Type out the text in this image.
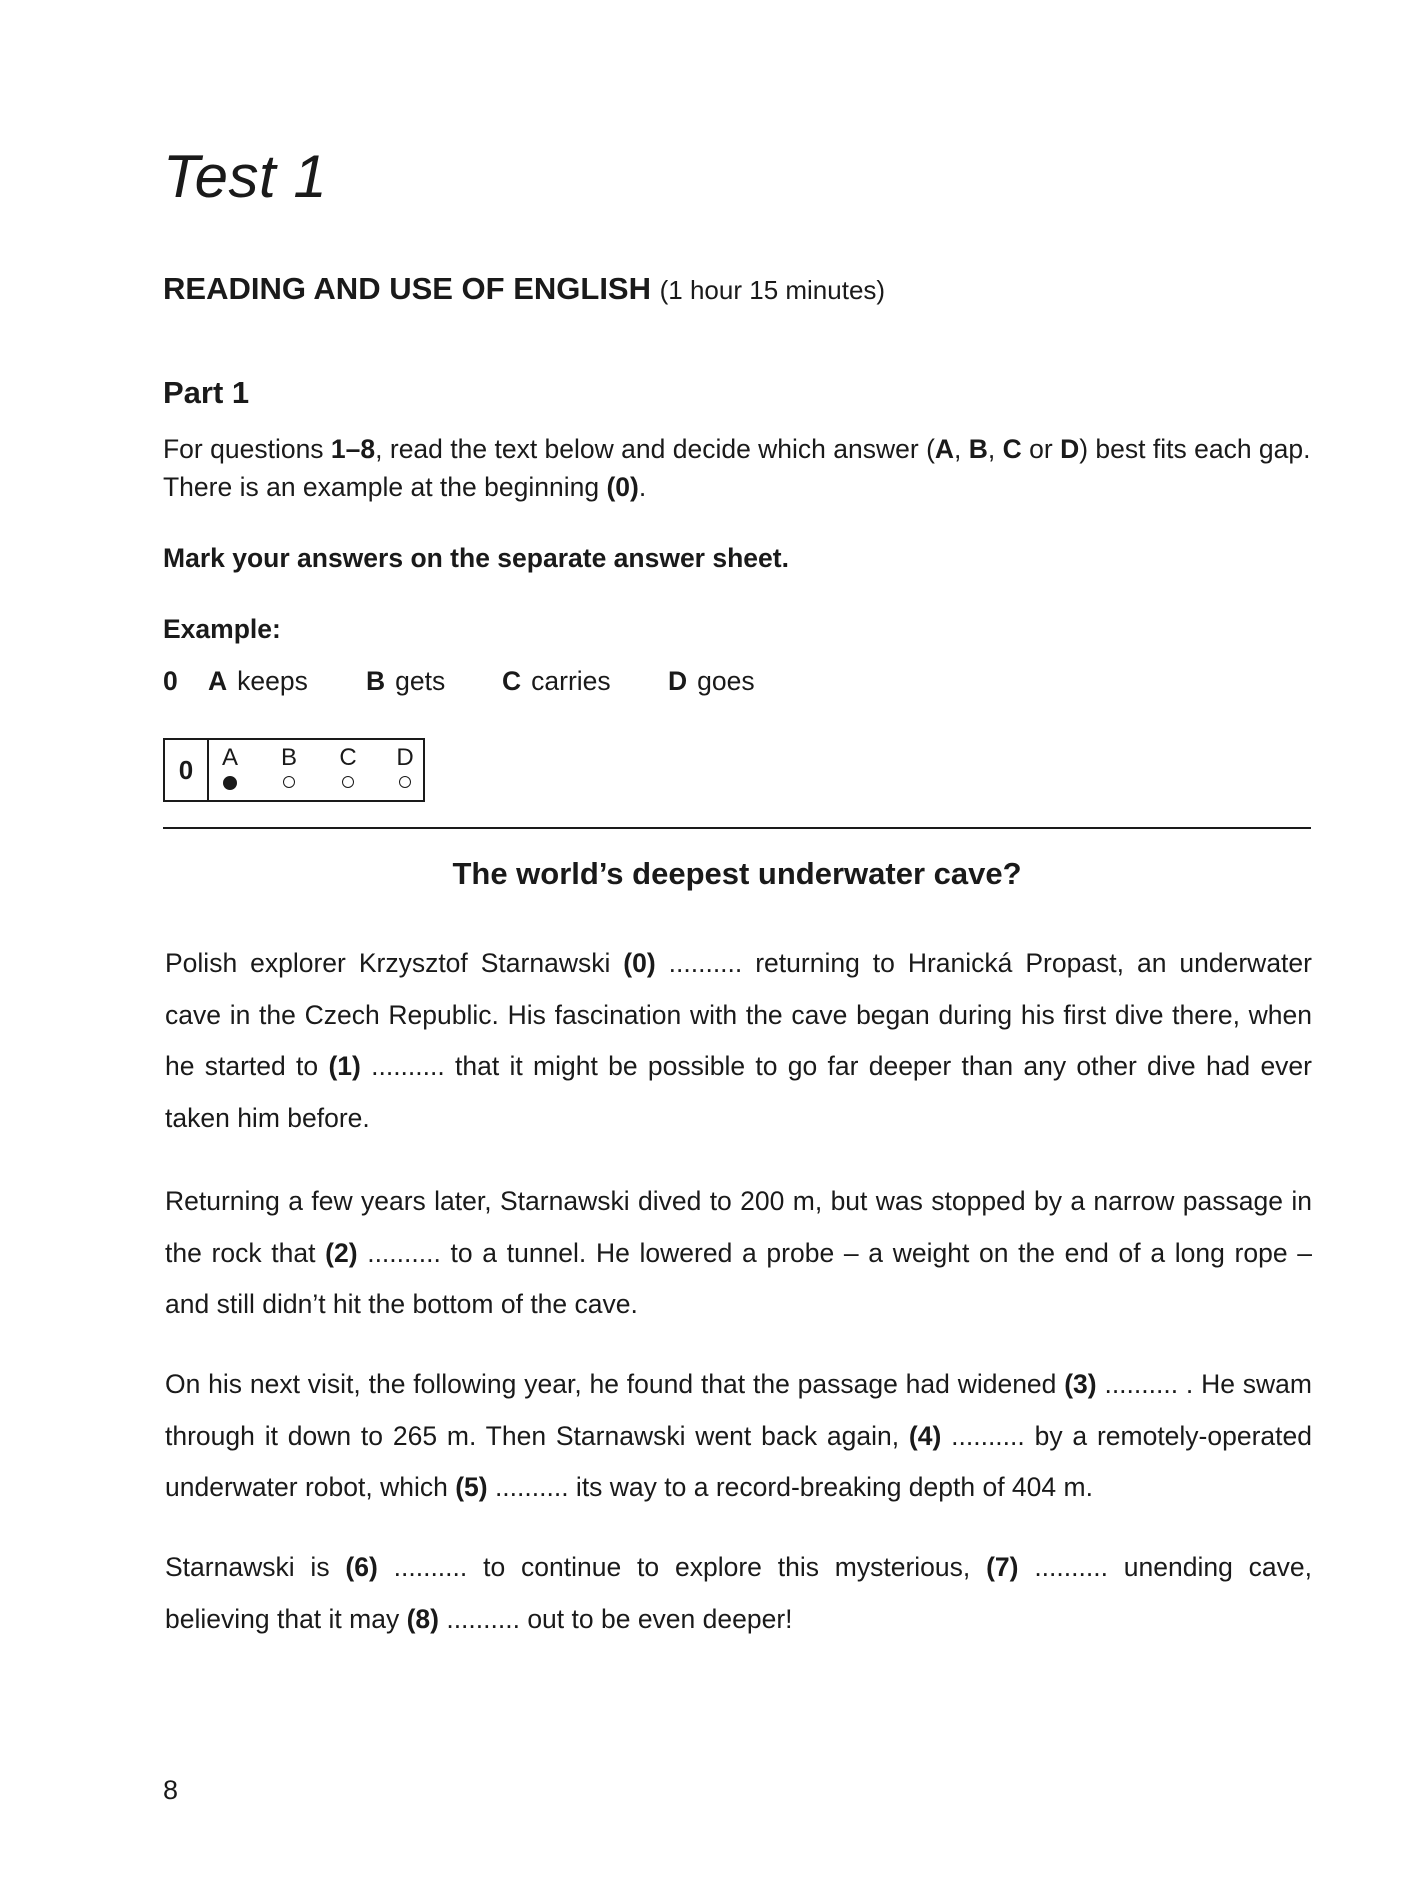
Test 1
READING AND USE OF ENGLISH (1 hour 15 minutes)
Part 1

For questions 1–8, read the text below and decide which answer (A, B, C or D) best fits each gap.
There is an example at the beginning (0).

Mark your answers on the separate answer sheet.

Example:

0 A keeps B gets C carries D goes
0	A B C D
The world’s deepest underwater cave?

Polish explorer Krzysztof Starnawski (0) .......... returning to Hranická Propast, an underwater cave in the Czech Republic. His fascination with the cave began during his first dive there, when he started to (1) .......... that it might be possible to go far deeper than any other dive had ever taken him before.

Returning a few years later, Starnawski dived to 200 m, but was stopped by a narrow passage in the rock that (2) .......... to a tunnel. He lowered a probe – a weight on the end of a long rope – and still didn’t hit the bottom of the cave.

On his next visit, the following year, he found that the passage had widened (3) .......... . He swam through it down to 265 m. Then Starnawski went back again, (4) .......... by a remotely-operated underwater robot, which (5) .......... its way to a record-breaking depth of 404 m.

Starnawski is (6) .......... to continue to explore this mysterious, (7) .......... unending cave, believing that it may (8) .......... out to be even deeper!

8
